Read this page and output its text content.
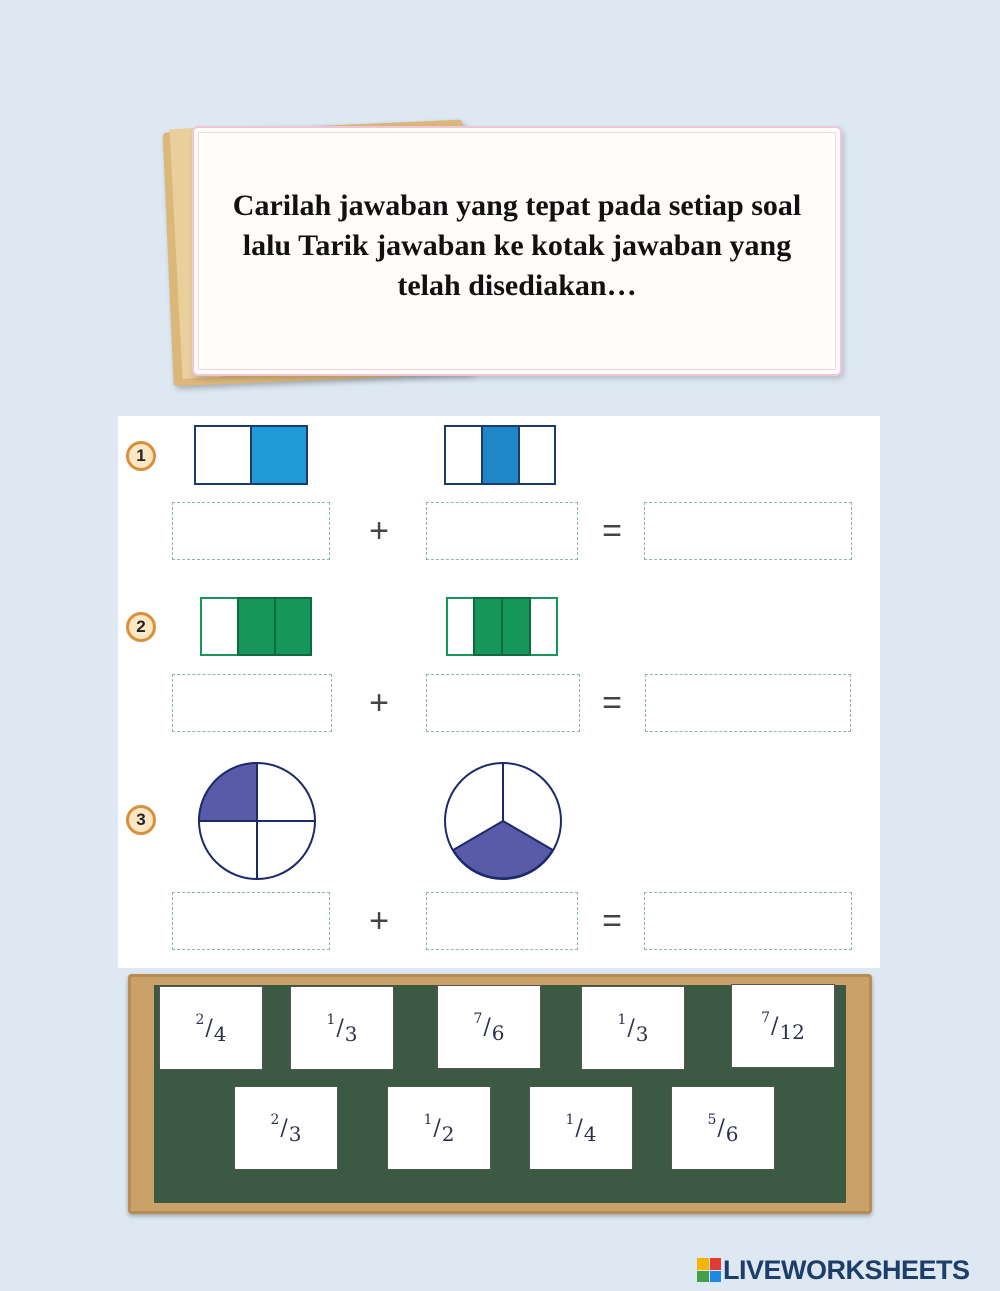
Carilah jawaban yang tepat pada setiap soal
lalu Tarik jawaban ke kotak jawaban yang
telah disediakan…
1
+	=
2
+	=
3
+	=
2 / 4
1 / 3
7 / 6
1 / 3
7 / 12
2 / 3
1 / 2
1 / 4
5 / 6
LIVEWORKSHEETS
